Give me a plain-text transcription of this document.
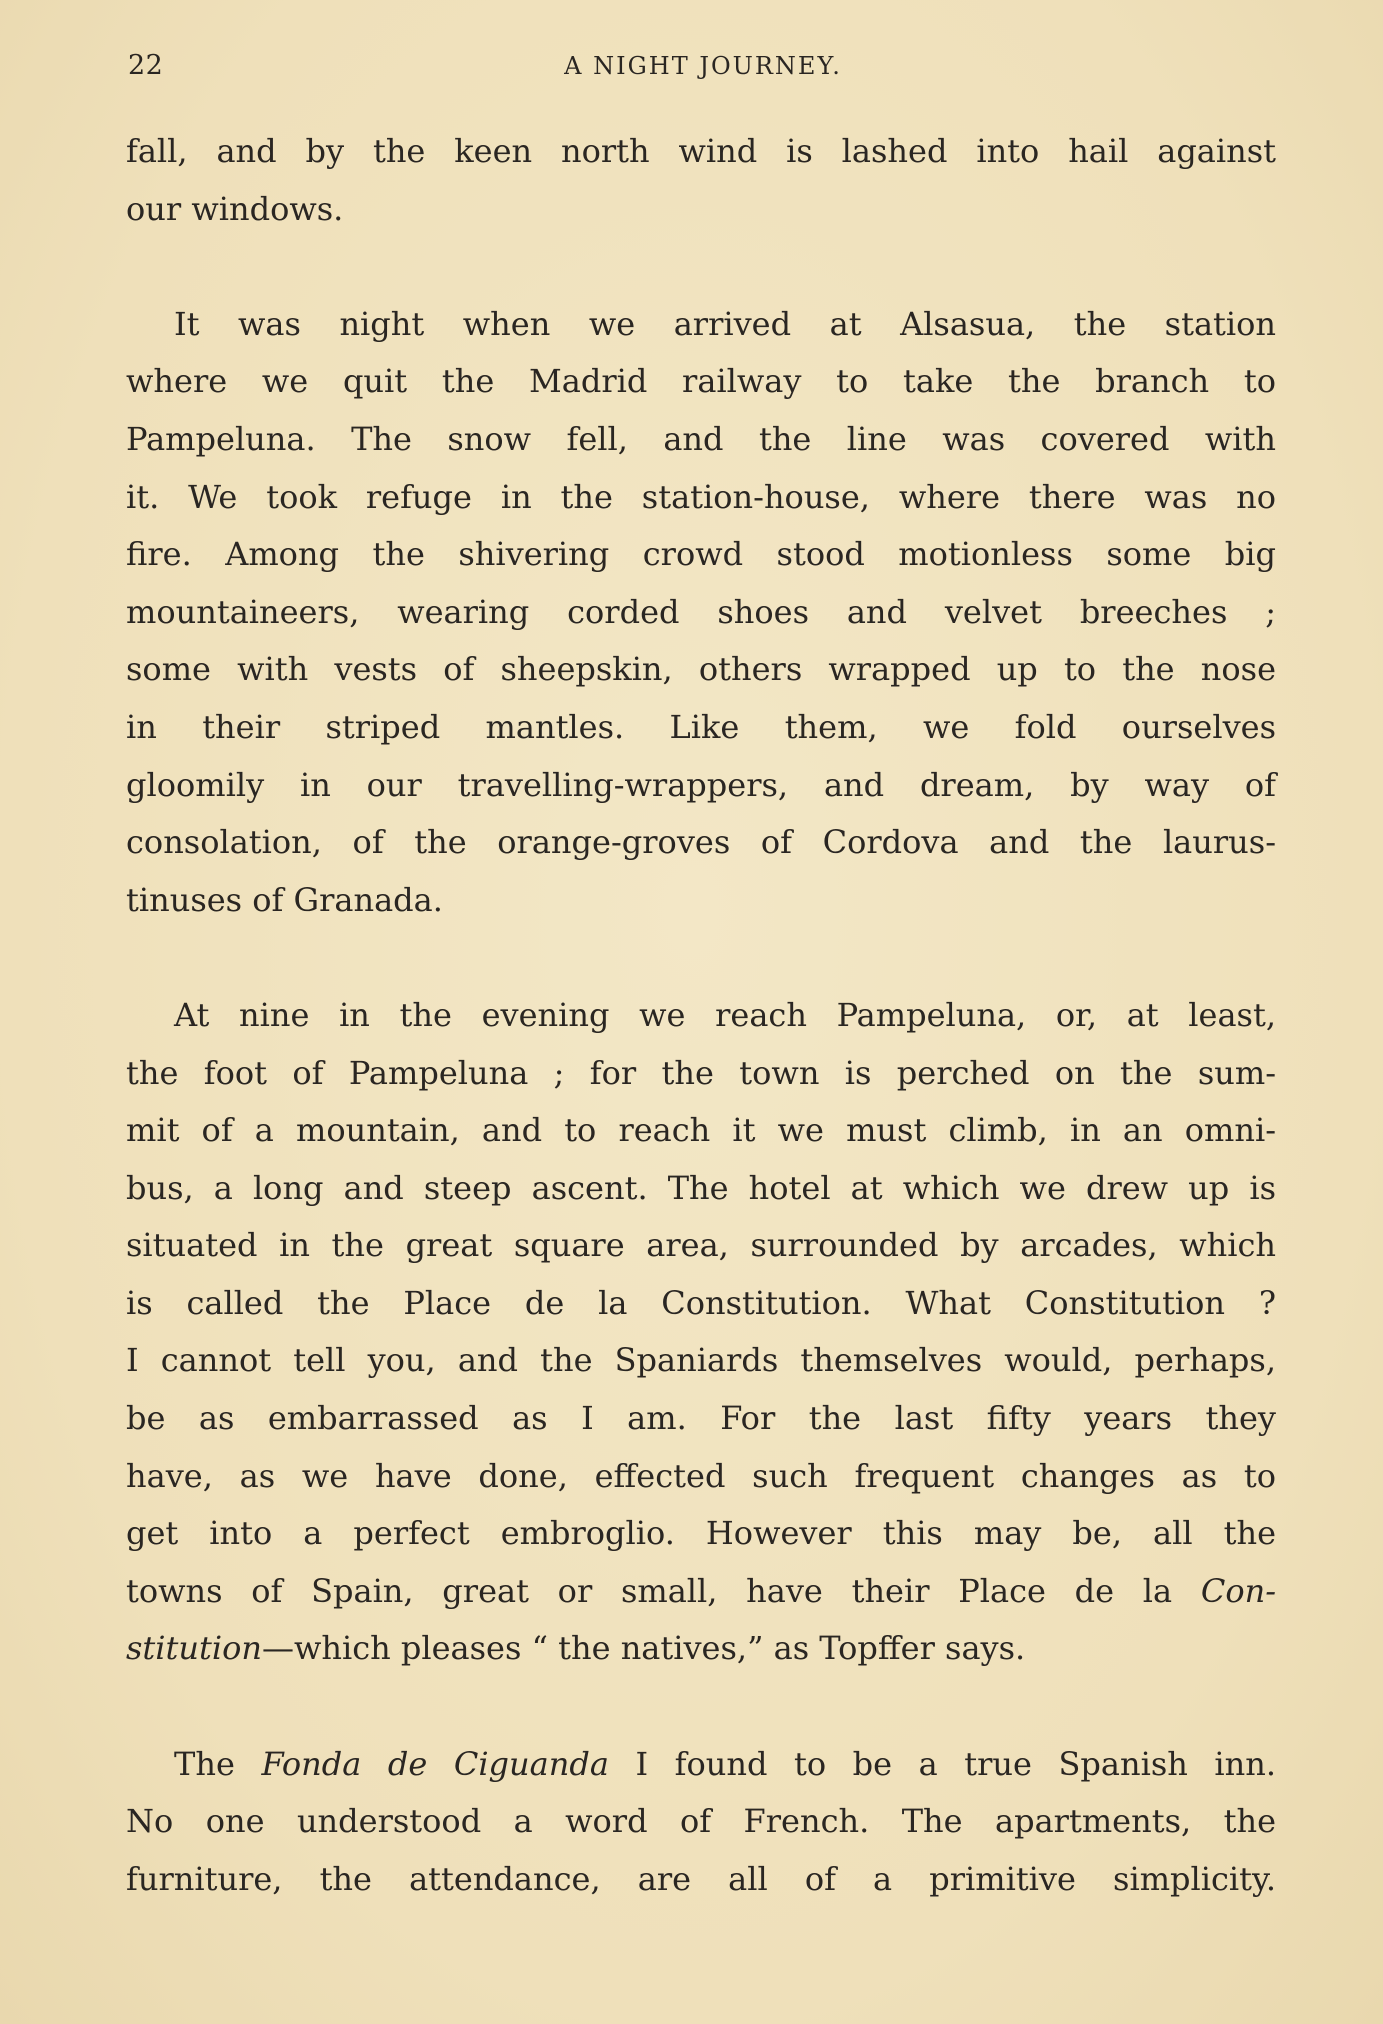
22	A NIGHT JOURNEY.
fall, and by the keen north wind is lashed into hail against
our windows.
It was night when we arrived at Alsasua, the station
where we quit the Madrid railway to take the branch to
Pampeluna. The snow fell, and the line was covered with
it. We took refuge in the station-house, where there was no
fire. Among the shivering crowd stood motionless some big
mountaineers, wearing corded shoes and velvet breeches ;
some with vests of sheepskin, others wrapped up to the nose
in their striped mantles. Like them, we fold ourselves
gloomily in our travelling-wrappers, and dream, by way of
consolation, of the orange-groves of Cordova and the laurus-
tinuses of Granada.
At nine in the evening we reach Pampeluna, or, at least,
the foot of Pampeluna ; for the town is perched on the sum-
mit of a mountain, and to reach it we must climb, in an omni-
bus, a long and steep ascent. The hotel at which we drew up is
situated in the great square area, surrounded by arcades, which
is called the Place de la Constitution. What Constitution ?
I cannot tell you, and the Spaniards themselves would, perhaps,
be as embarrassed as I am. For the last fifty years they
have, as we have done, effected such frequent changes as to
get into a perfect embroglio. However this may be, all the
towns of Spain, great or small, have their Place de la Con-
stitution—which pleases “ the natives,” as Topffer says.
The Fonda de Ciguanda I found to be a true Spanish inn.
No one understood a word of French. The apartments, the
furniture, the attendance, are all of a primitive simplicity.
